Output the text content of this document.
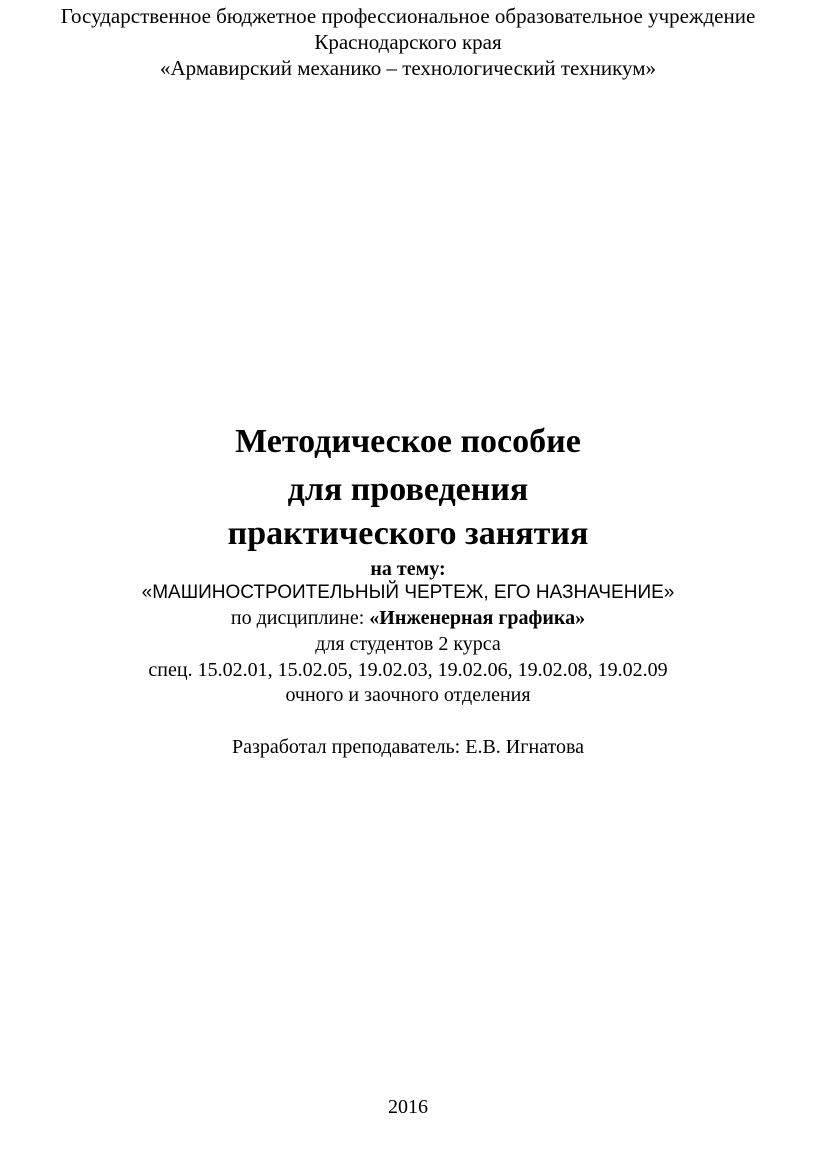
Государственное бюджетное профессиональное образовательное учреждение
Краснодарского края
«Армавирский механико – технологический техникум»
Методическое пособие
для проведения
практического занятия
на тему:
«МАШИНОСТРОИТЕЛЬНЫЙ ЧЕРТЕЖ, ЕГО НАЗНАЧЕНИЕ»
по дисциплине: «Инженерная графика»
для студентов 2 курса
спец. 15.02.01, 15.02.05, 19.02.03, 19.02.06, 19.02.08, 19.02.09
очного и заочного отделения
Разработал преподаватель: Е.В. Игнатова
2016
